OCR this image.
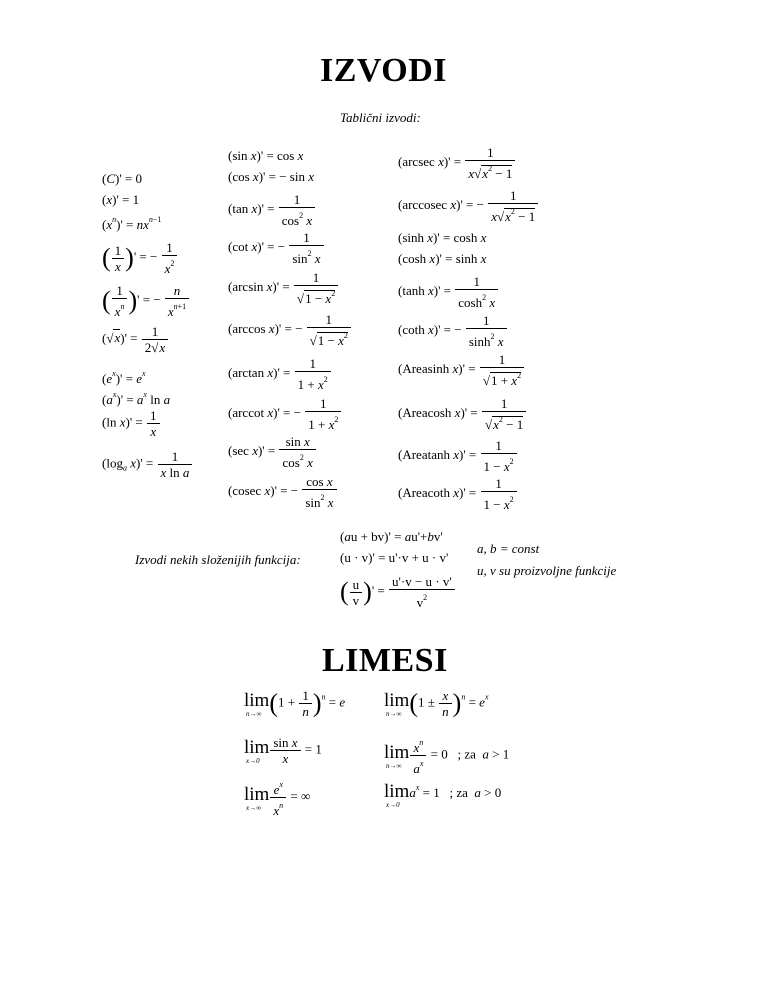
IZVODI
Tablični izvodi:
(C)' = 0
(x)' = 1
$(x^n)' = nx^{n-1}$
( $\frac{1}{x}$ )' = − $\frac{1}{x^2}$
( $\frac{1}{x^n}$ )' = − $\frac{n}{x^{n+1}}$
$(√x)' = \frac{1}{2√x}$
$(e^x)' = e^x$
$(a^x)' = a^x$ ln a
(ln $x)' = \frac{1}{x}$
($\log_a$ $x)' = \frac{1}{\text{x ln a}}$
(sin x)' = cos x
(cos x)' = − sin x
(tan $x)' = \frac{1}{\cos^2 x}$
(cot x)' = − $\frac{1}{\sin^2 x}$
(arcsin $x)' = \frac{1}{√1 - x^2}$
(arccos x)' = − $\frac{1}{√1 - x^2}$
(arctan $x)' = \frac{1}{1 + x^2}$
(arccot x)' = − $\frac{1}{1 + x^2}$
(sec $x)' = \frac{\text{sin x}}{\cos^2 x}$
(cosec x)' = − $\frac{\text{cos x}}{\sin^2 x}$
(arcsec $x)' = \frac{1}{x√x^2 - 1}$
(arccosec x)' = − $\frac{1}{x√x^2 - 1}$
(sinh x)' = cosh x
(cosh x)' = sinh x
(tanh $x)' = \frac{1}{\cosh^2 x}$
(coth x)' = − $\frac{1}{\sinh^2 x}$
(Areasinh $x)' = \frac{1}{√1 + x^2}$
(Areacosh $x)' = \frac{1}{√x^2 - 1}$
(Areatanh $x)' = \frac{1}{1 - x^2}$
(Areacoth $x)' = \frac{1}{1 - x^2}$
Izvodi nekih složenijih funkcija:
(au + bv)' = au'+bv'
(u · v)' = u'·v + u · v'
( $\frac{u}{v}$ )' = $\frac{u'\cdot v - u \cdot v'}{v^2}$
a, b = const
u, v su proizvoljne funkcije
LIMESI
lim
n→∞ $(1 + \frac{1}{n} )^n = e$ lim
n→∞ $(1 \pm \frac{x}{n} )^n = e^x$
lim
$x\to 0 \frac{\text{sin x}}{x} = 1$	lim
$n\to\infty \frac{x^n}{a^x} = 0$   ; za  a > 1
lim
$x\to\infty \frac{e^x}{x^n}$ = ∞	lim
x→0
$a^x = 1$   ; za  a > 0
